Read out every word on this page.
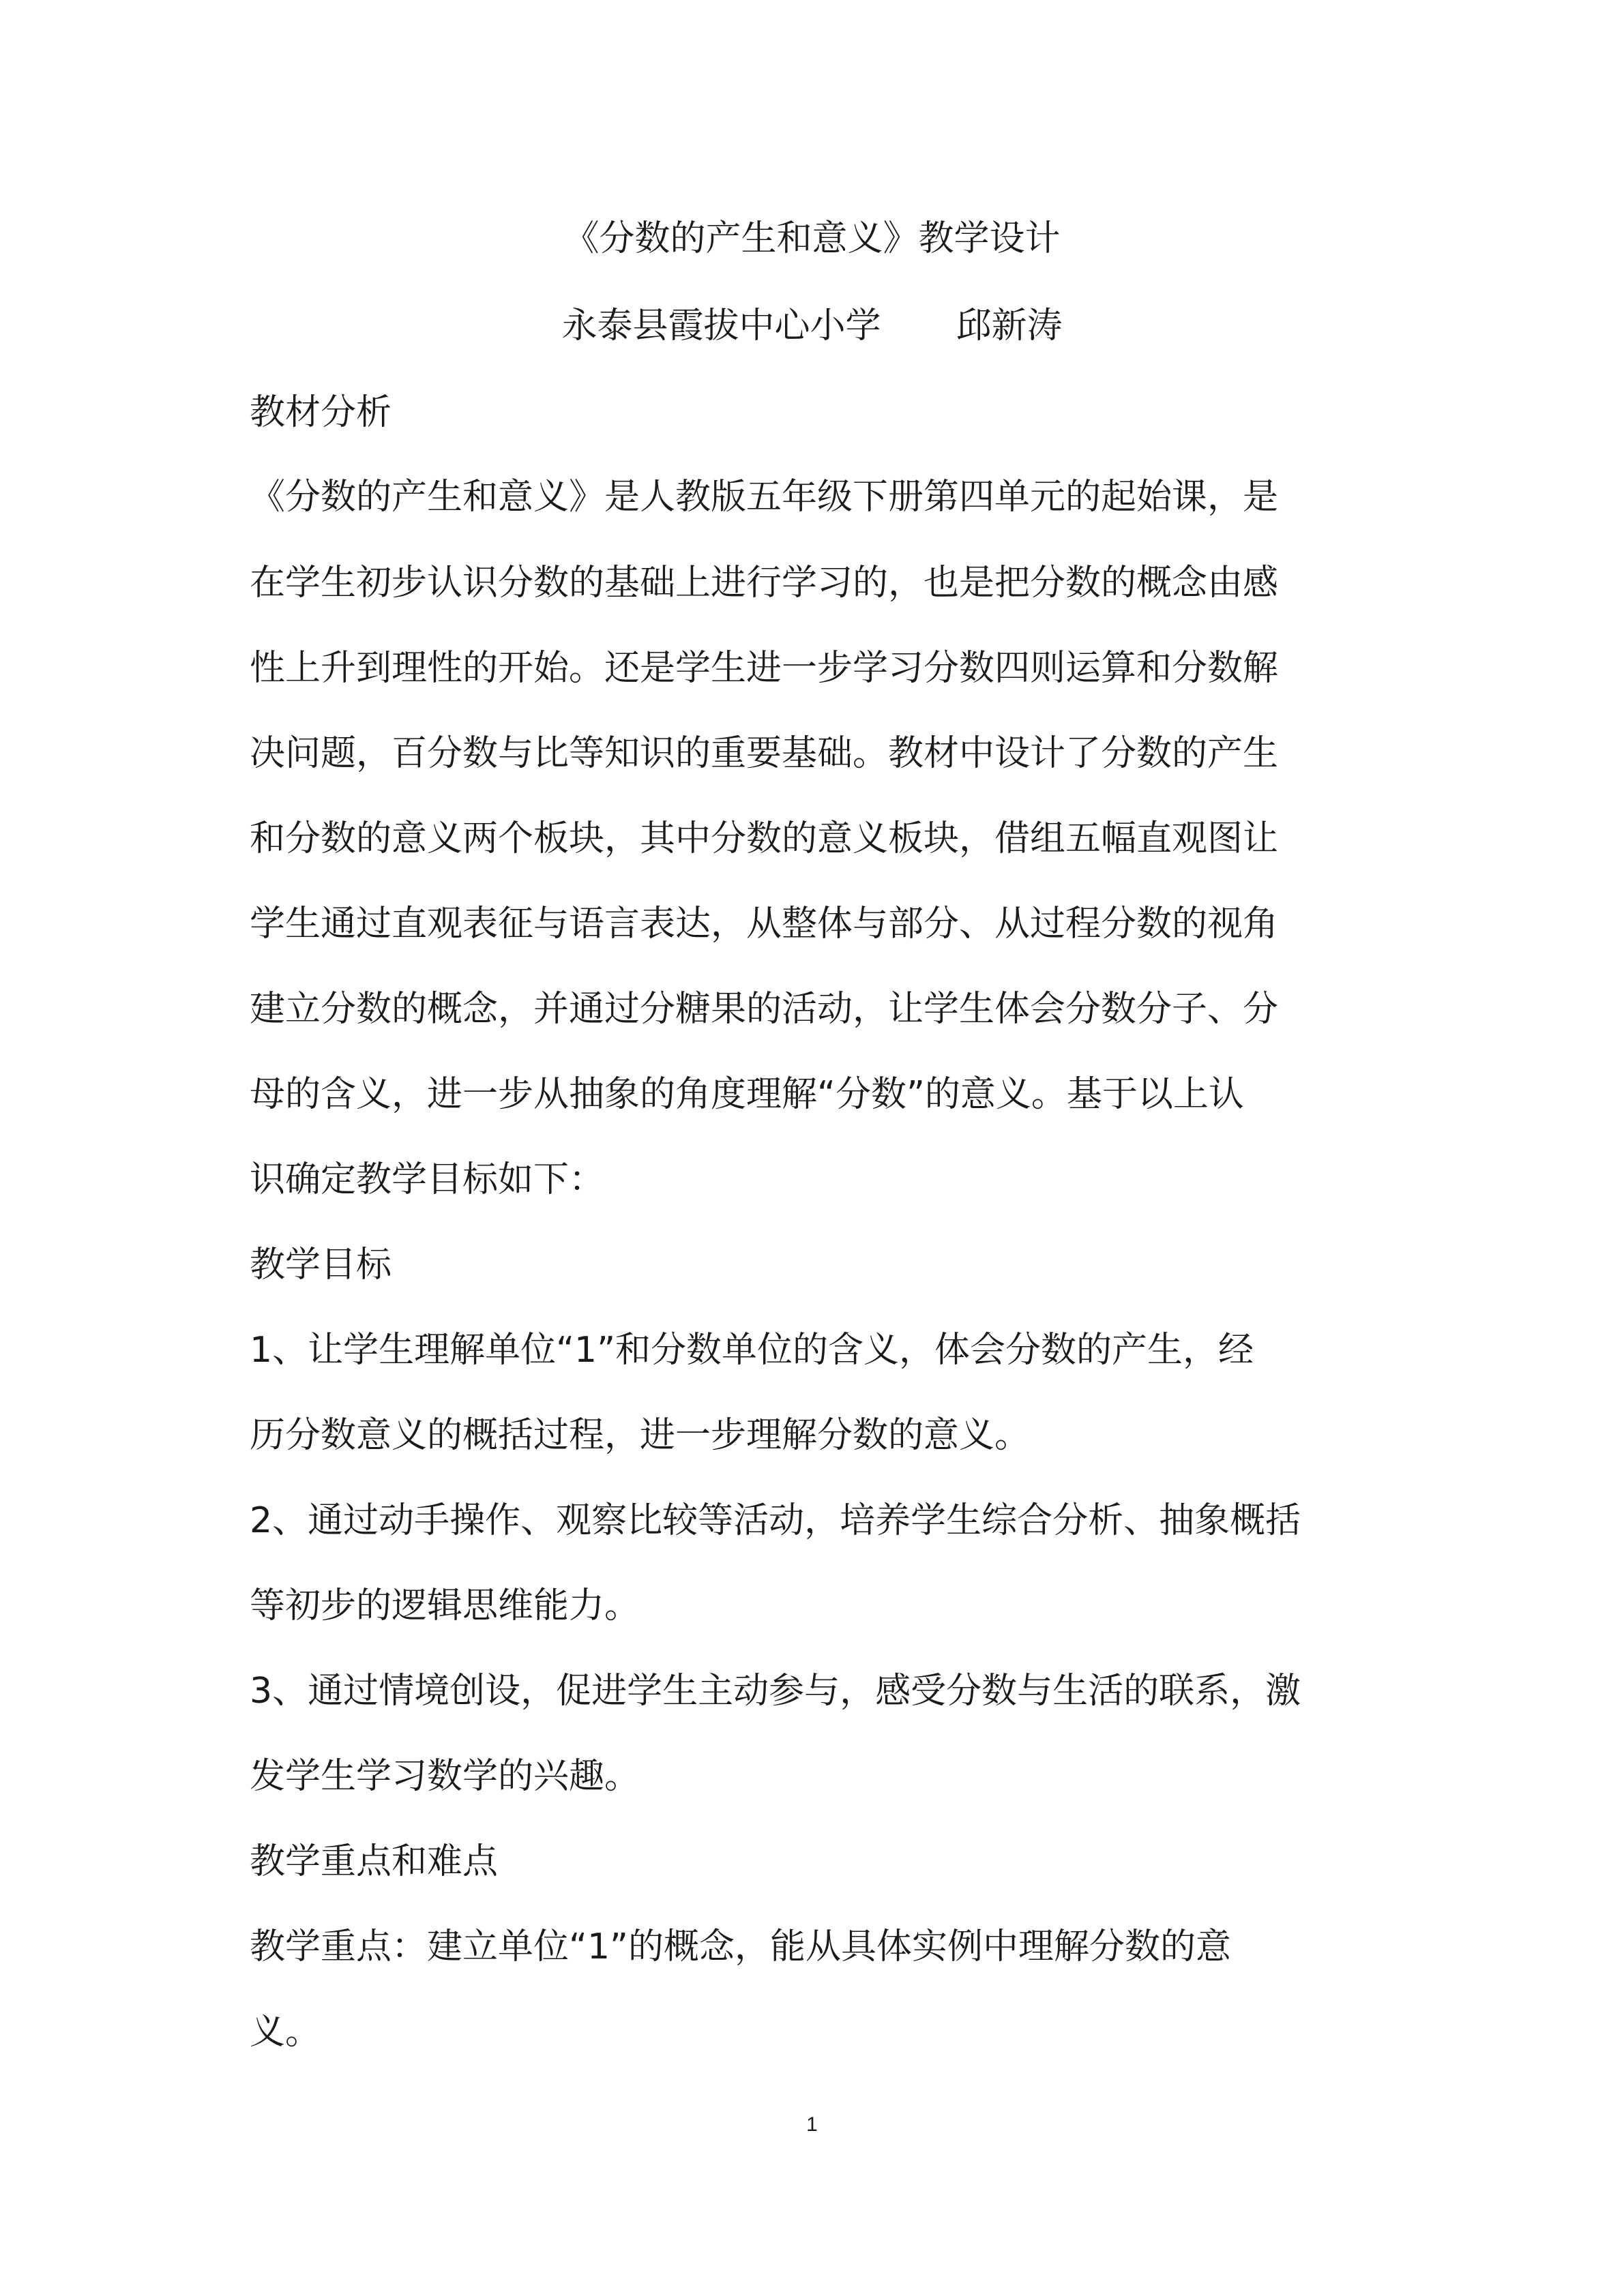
《分数的产生和意义》教学设计
永泰县霞拔中心小学 邱新涛
教材分析
《分数的产生和意义》是人教版五年级下册第四单元的起始课，是
在学生初步认识分数的基础上进行学习的，也是把分数的概念由感
性上升到理性的开始。还是学生进一步学习分数四则运算和分数解
决问题，百分数与比等知识的重要基础。教材中设计了分数的产生
和分数的意义两个板块，其中分数的意义板块，借组五幅直观图让
学生通过直观表征与语言表达，从整体与部分、从过程分数的视角
建立分数的概念，并通过分糖果的活动，让学生体会分数分子、分
母的含义，进一步从抽象的角度理解“分数”的意义。基于以上认
识确定教学目标如下：
教学目标
1、让学生理解单位“1”和分数单位的含义，体会分数的产生，经
历分数意义的概括过程，进一步理解分数的意义。
2、通过动手操作、观察比较等活动，培养学生综合分析、抽象概括
等初步的逻辑思维能力。
3、通过情境创设，促进学生主动参与，感受分数与生活的联系，激
发学生学习数学的兴趣。
教学重点和难点
教学重点：建立单位“1”的概念，能从具体实例中理解分数的意
义。
1
